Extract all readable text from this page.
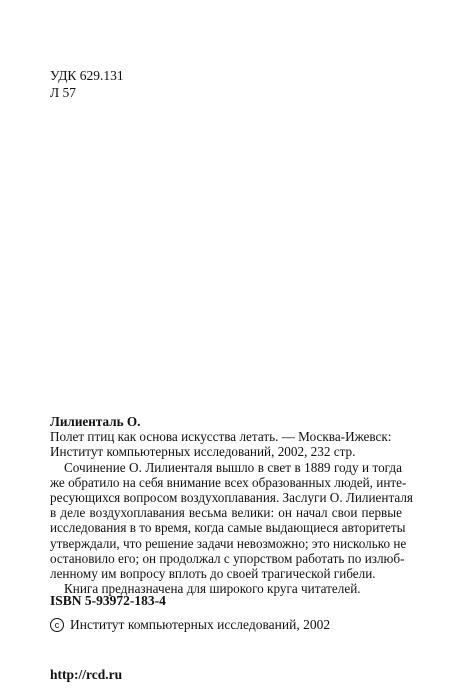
УДК 629.131
Л 57
Лилиенталь О.
Полет птиц как основа искусства летать. — Москва-Ижевск:
Институт компьютерных исследований, 2002, 232 стр.
Сочинение О. Лилиенталя вышло в свет в 1889 году и тогда
же обратило на себя внимание всех образованных людей, инте-
ресующихся вопросом воздухоплавания. Заслуги О. Лилиенталя
в деле воздухоплавания весьма велики: он начал свои первые
исследования в то время, когда самые выдающиеся авторитеты
утверждали, что решение задачи невозможно; это нисколько не
остановило его; он продолжал с упорством работать по излюб-
ленному им вопросу вплоть до своей трагической гибели.
Книга предназначена для широкого круга читателей.
ISBN 5-93972-183-4
c Институт компьютерных исследований, 2002
http://rcd.ru
